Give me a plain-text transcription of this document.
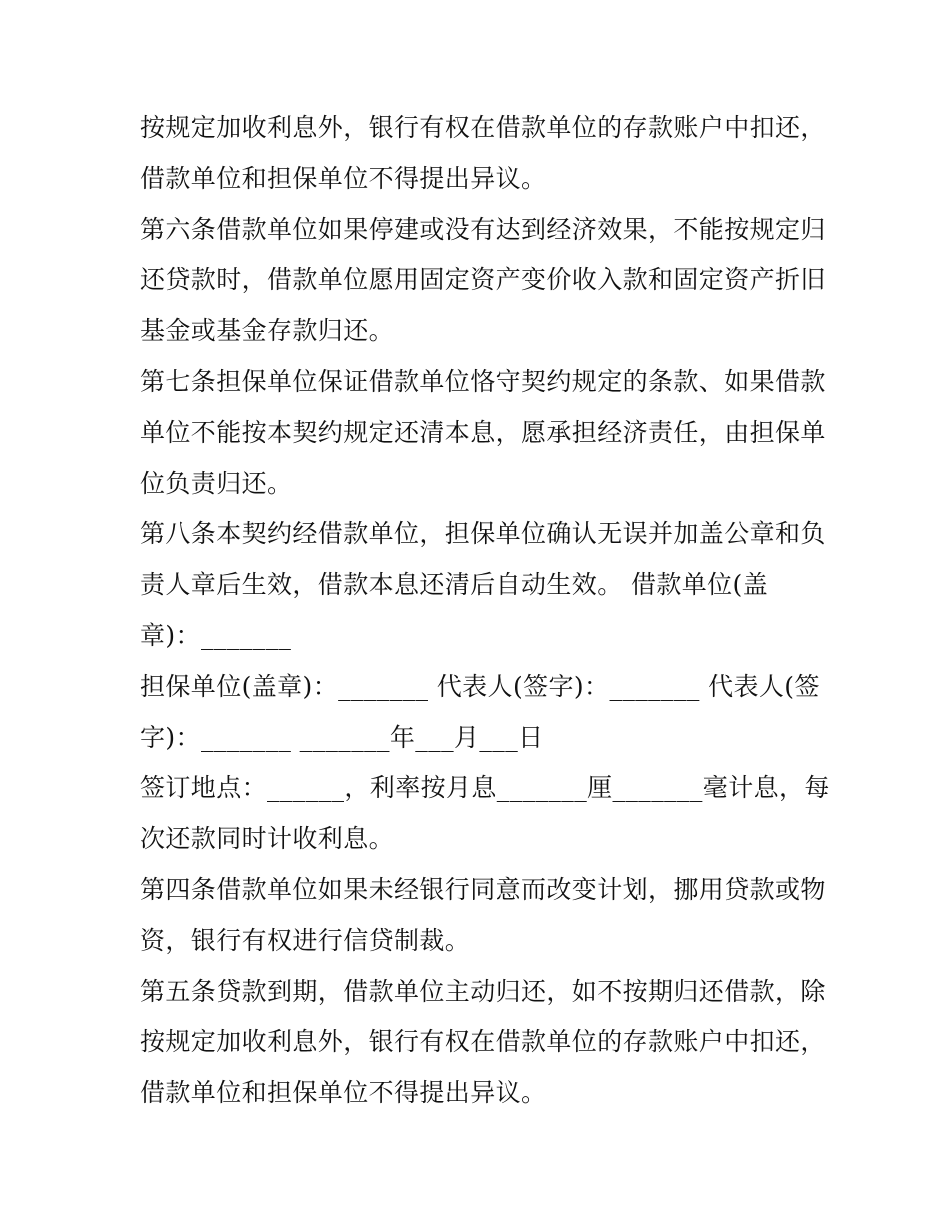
按规定加收利息外，银行有权在借款单位的存款账户中扣还，
借款单位和担保单位不得提出异议。

第六条借款单位如果停建或没有达到经济效果，不能按规定归
还贷款时，借款单位愿用固定资产变价收入款和固定资产折旧
基金或基金存款归还。

第七条担保单位保证借款单位恪守契约规定的条款、如果借款
单位不能按本契约规定还清本息，愿承担经济责任，由担保单
位负责归还。

第八条本契约经借款单位，担保单位确认无误并加盖公章和负
责人章后生效，借款本息还清后自动生效。 借款单位(盖
章)：_______

担保单位(盖章)：_______ 代表人(签字)：_______ 代表人(签
字)：_______ _______年___月___日

签订地点：______，利率按月息_______厘_______毫计息，每
次还款同时计收利息。

第四条借款单位如果未经银行同意而改变计划，挪用贷款或物
资，银行有权进行信贷制裁。

第五条贷款到期，借款单位主动归还，如不按期归还借款，除
按规定加收利息外，银行有权在借款单位的存款账户中扣还，
借款单位和担保单位不得提出异议。
